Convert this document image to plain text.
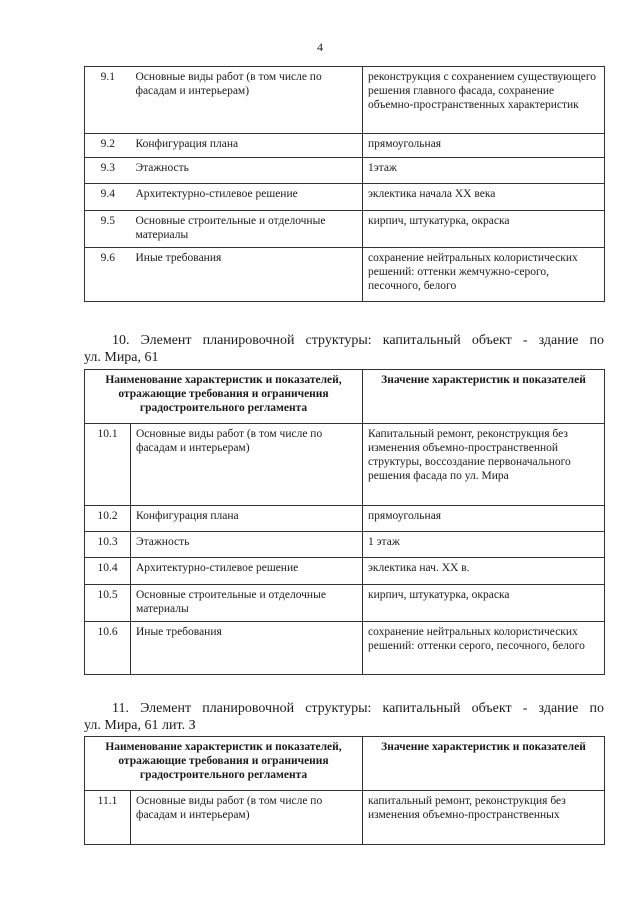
4
9.1	Основные виды работ (в том числе по фасадам и интерьерам)	реконструкция с сохранением существующего решения главного фасада, сохранение объемно-пространственных характеристик
9.2	Конфигурация плана	прямоугольная
9.3	Этажность	1этаж
9.4	Архитектурно-стилевое решение	эклектика начала XX века
9.5	Основные строительные и отделочные материалы	кирпич, штукатурка, окраска
9.6	Иные требования	сохранение нейтральных колористических решений: оттенки жемчужно-серого, песочного, белого
10. Элемент планировочной структуры: капитальный объект - здание по
ул. Мира, 61
Наименование характеристик и показателей, отражающие требования и ограничения градостроительного регламента		Значение характеристик и показателей
10.1	Основные виды работ (в том числе по фасадам и интерьерам)	Капитальный ремонт, реконструкция без изменения объемно-пространственной структуры, воссоздание первоначального решения фасада по ул. Мира
10.2	Конфигурация плана	прямоугольная
10.3	Этажность	1 этаж
10.4	Архитектурно-стилевое решение	эклектика нач. XX в.
10.5	Основные строительные и отделочные материалы	кирпич, штукатурка, окраска
10.6	Иные требования	сохранение нейтральных колористических решений: оттенки серого, песочного, белого
11. Элемент планировочной структуры: капитальный объект - здание по
ул. Мира, 61 лит. З
Наименование характеристик и показателей, отражающие требования и ограничения градостроительного регламента		Значение характеристик и показателей
11.1	Основные виды работ (в том числе по фасадам и интерьерам)	капитальный ремонт, реконструкция без изменения объемно-пространственных
